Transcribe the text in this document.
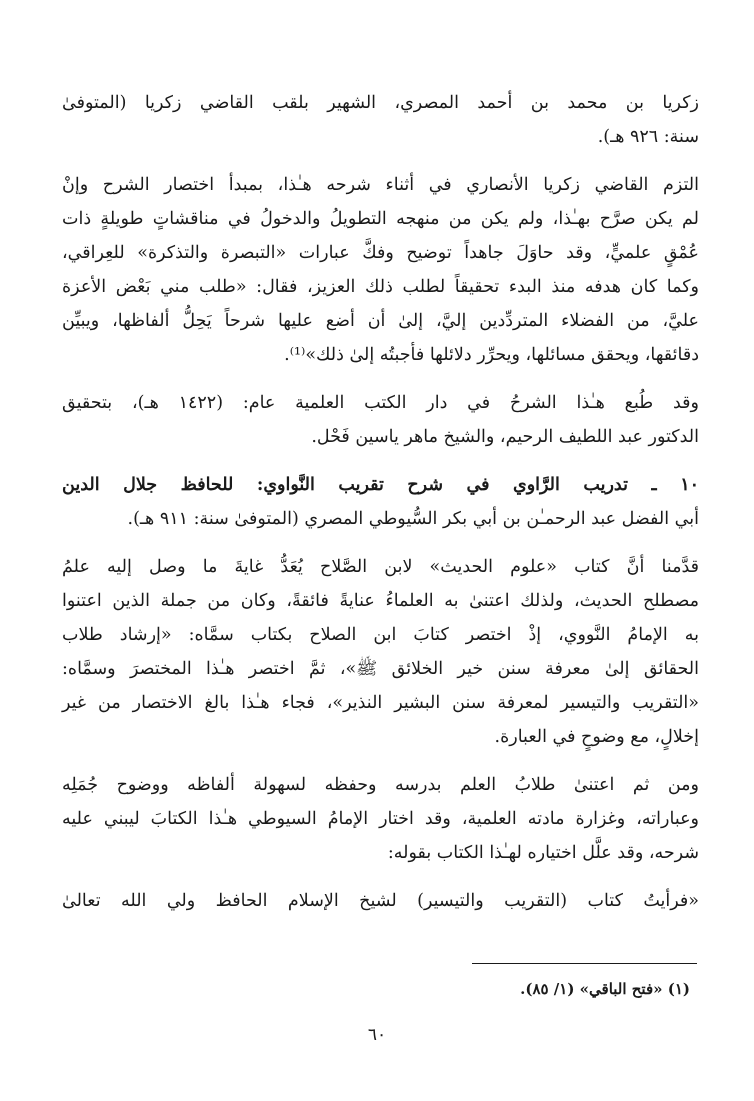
زكريا بن محمد بن أحمد المصري، الشهير بلقب القاضي زكريا (المتوفىٰ
سنة: ٩٢٦ هـ).
التزم القاضي زكريا الأنصاري في أثناء شرحه هـٰذا، بمبدأ اختصار الشرح وإنْ
لم يكن صرَّح بهـٰذا، ولم يكن من منهجه التطويلُ والدخولُ في مناقشاتٍ طويلةٍ ذات
عُمْقٍ علميٍّ، وقد حاوَلَ جاهداً توضيح وفكَّ عبارات «التبصرة والتذكرة» للعِراقي،
وكما كان هدفه منذ البدء تحقيقاً لطلب ذلك العزيز، فقال: «طلب مني بَعْض الأعزة
عليَّ، من الفضلاء المتردِّدين إليَّ، إلىٰ أن أضع عليها شرحاً يَحِلُّ ألفاظها، ويبيِّن
دقائقها، ويحقق مسائلها، ويحرِّر دلائلها فأجبتُه إلىٰ ذلك»⁽¹⁾.
وقد طُبع هـٰذا الشرحُ في دار الكتب العلمية عام: (١٤٢٢ هـ)، بتحقيق
الدكتور عبد اللطيف الرحيم، والشيخ ماهر ياسين فَحْل.
١٠ ـ تدريب الرَّاوي في شرح تقريب النَّواوي: للحافظ جلال الدين
أبي الفضل عبد الرحمـٰن بن أبي بكر السُّيوطي المصري (المتوفىٰ سنة: ٩١١ هـ).
قدَّمنا أنَّ كتاب «علوم الحديث» لابن الصَّلاح يُعَدُّ غايةَ ما وصل إليه علمُ
مصطلح الحديث، ولذلك اعتنىٰ به العلماءُ عنايةً فائقةً، وكان من جملة الذين اعتنوا
به الإمامُ النَّووي، إذْ اختصر كتابَ ابن الصلاح بكتاب سمَّاه: «إرشاد طلاب
الحقائق إلىٰ معرفة سنن خير الخلائق ﷺ»، ثمَّ اختصر هـٰذا المختصرَ وسمَّاه:
«التقريب والتيسير لمعرفة سنن البشير النذير»، فجاء هـٰذا بالغ الاختصار من غير
إخلالٍ، مع وضوحٍ في العبارة.
ومن ثم اعتنىٰ طلابُ العلم بدرسه وحفظه لسهولة ألفاظه ووضوح جُمَلِه
وعباراته، وغزارة مادته العلمية، وقد اختار الإمامُ السيوطي هـٰذا الكتابَ ليبني عليه
شرحه، وقد علَّل اختياره لهـٰذا الكتاب بقوله:
«فرأيتُ كتاب (التقريب والتيسير) لشيخ الإسلام الحافظ ولي الله تعالىٰ
(١) «فتح الباقي» (١/ ٨٥).
٦٠
